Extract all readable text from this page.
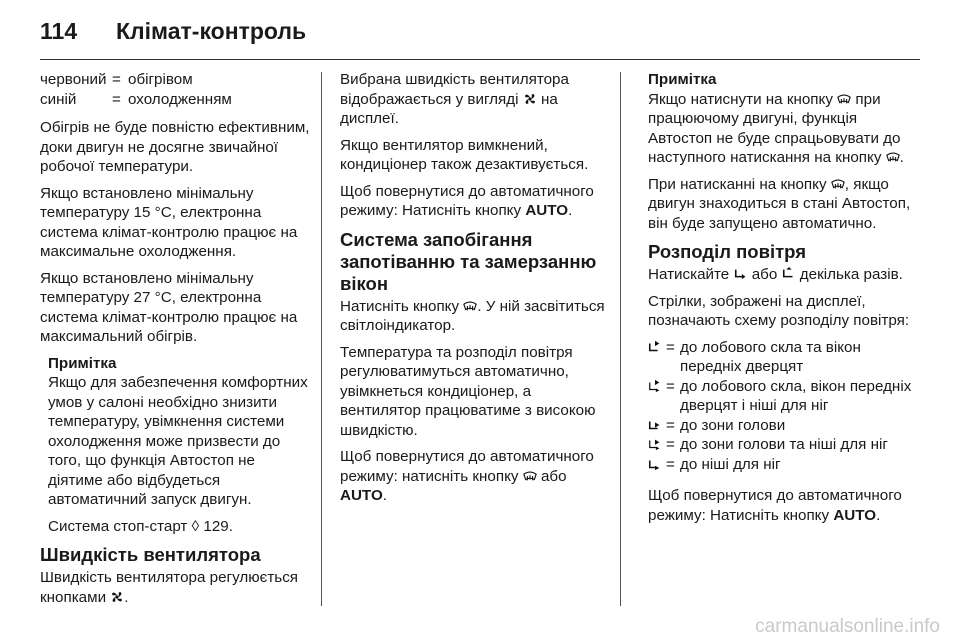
114 Клімат-контроль
червоний = обігрівом
синій	= охолодженням

Обігрів не буде повністю ефективним, доки двигун не досягне звичайної робочої температури.

Якщо встановлено мінімальну температуру 15 °C, електронна система клімат-контролю працює на максимальне охолодження.

Якщо встановлено мінімальну температуру 27 °C, електронна система клімат-контролю працює на максимальний обігрів.

Примітка

Якщо для забезпечення комфортних умов у салоні необхідно знизити температуру, увімкнення системи охолодження може призвести до того, що функція Автостоп не діятиме або відбудеться автоматичний запуск двигун.

Система стоп-старт ◊ 129.

Швидкість вентилятора

Швидкість вентилятора регулюється кнопками .

Вибрана швидкість вентилятора відображається у вигляді на дисплеї.

Якщо вентилятор вимкнений, кондиціонер також дезактивується.

Щоб повернутися до автоматичного режиму: Натисніть кнопку AUTO.

Система запобігання запотіванню та замерзанню вікон

Натисніть кнопку . У ній засвітиться світлоіндикатор.

Температура та розподіл повітря регулюватимуться автоматично, увімкнеться кондиціонер, а вентилятор працюватиме з високою швидкістю.

Щоб повернутися до автоматичного режиму: натисніть кнопку або AUTO.

Примітка

Якщо натиснути на кнопку при працюючому двигуні, функція Автостоп не буде спрацьовувати до наступного натискання на кнопку .

При натисканні на кнопку , якщо двигун знаходиться в стані Автостоп, він буде запущено автоматично.

Розподіл повітря

Натискайте або декілька разів.

Стрілки, зображені на дисплеї, позначають схему розподілу повітря:

= до лобового скла та вікон передніх дверцят
= до лобового скла, вікон передніх дверцят і ніші для ніг
= до зони голови
= до зони голови та ніші для ніг
= до ніші для ніг

Щоб повернутися до автоматичного режиму: Натисніть кнопку AUTO.

carmanualsonline.info
